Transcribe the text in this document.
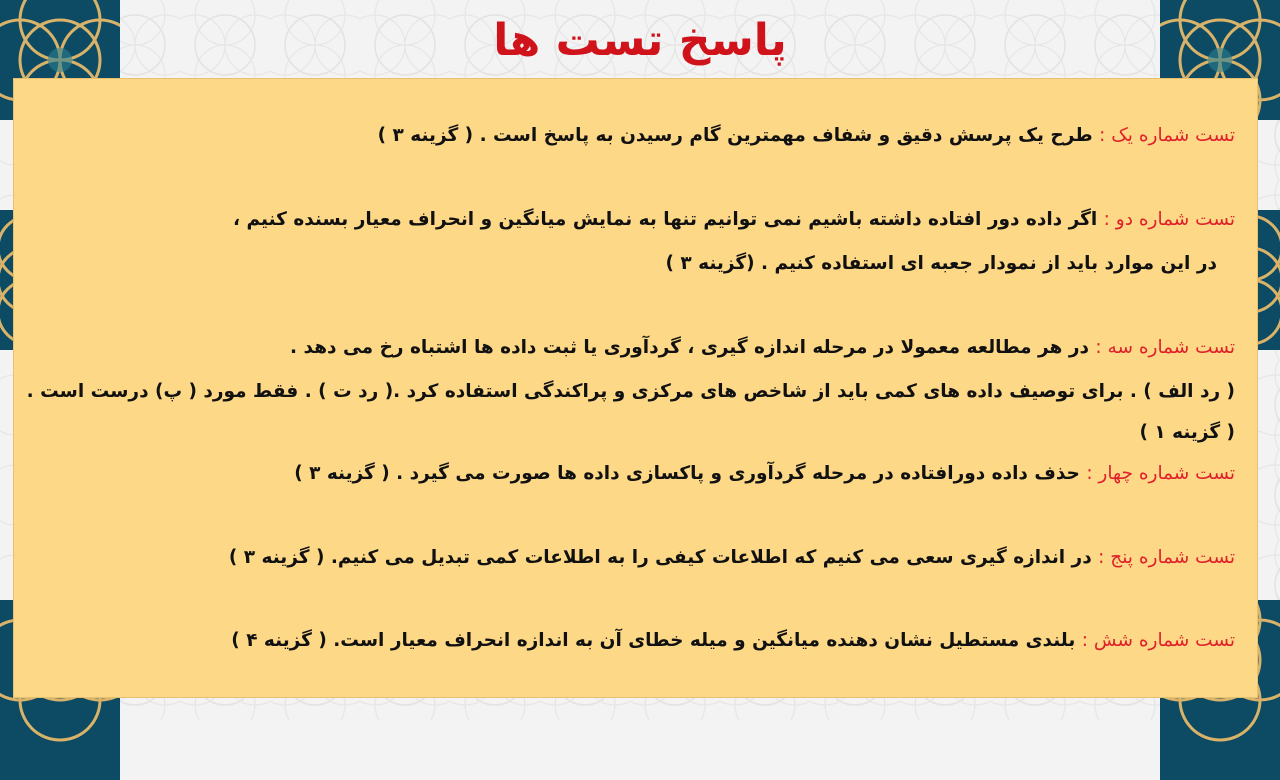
پاسخ تست ها
تست شماره یک : طرح یک پرسش دقیق و شفاف مهمترین گام رسیدن به پاسخ است . ( گزینه ۳ )
تست شماره دو : اگر داده دور افتاده داشته باشیم نمی توانیم تنها به نمایش میانگین و انحراف معیار بسنده کنیم ،
در این موارد باید از نمودار جعبه ای استفاده کنیم . (گزینه ۳ )
تست شماره سه : در هر مطالعه معمولا در مرحله اندازه گیری ، گردآوری یا ثبت داده ها اشتباه رخ می دهد .
( رد الف ) . برای توصیف داده های کمی باید از شاخص های مرکزی و پراکندگی استفاده کرد .( رد ت ) . فقط مورد ( پ) درست است .
( گزینه ۱ )
تست شماره چهار : حذف داده دورافتاده در مرحله گردآوری و پاکسازی داده ها صورت می گیرد . ( گزینه ۳ )
تست شماره پنج : در اندازه گیری سعی می کنیم که اطلاعات کیفی را به اطلاعات کمی تبدیل می کنیم. ( گزینه ۳ )
تست شماره شش : بلندی مستطیل نشان دهنده میانگین و میله خطای آن به اندازه انحراف معیار است. ( گزینه ۴ )
